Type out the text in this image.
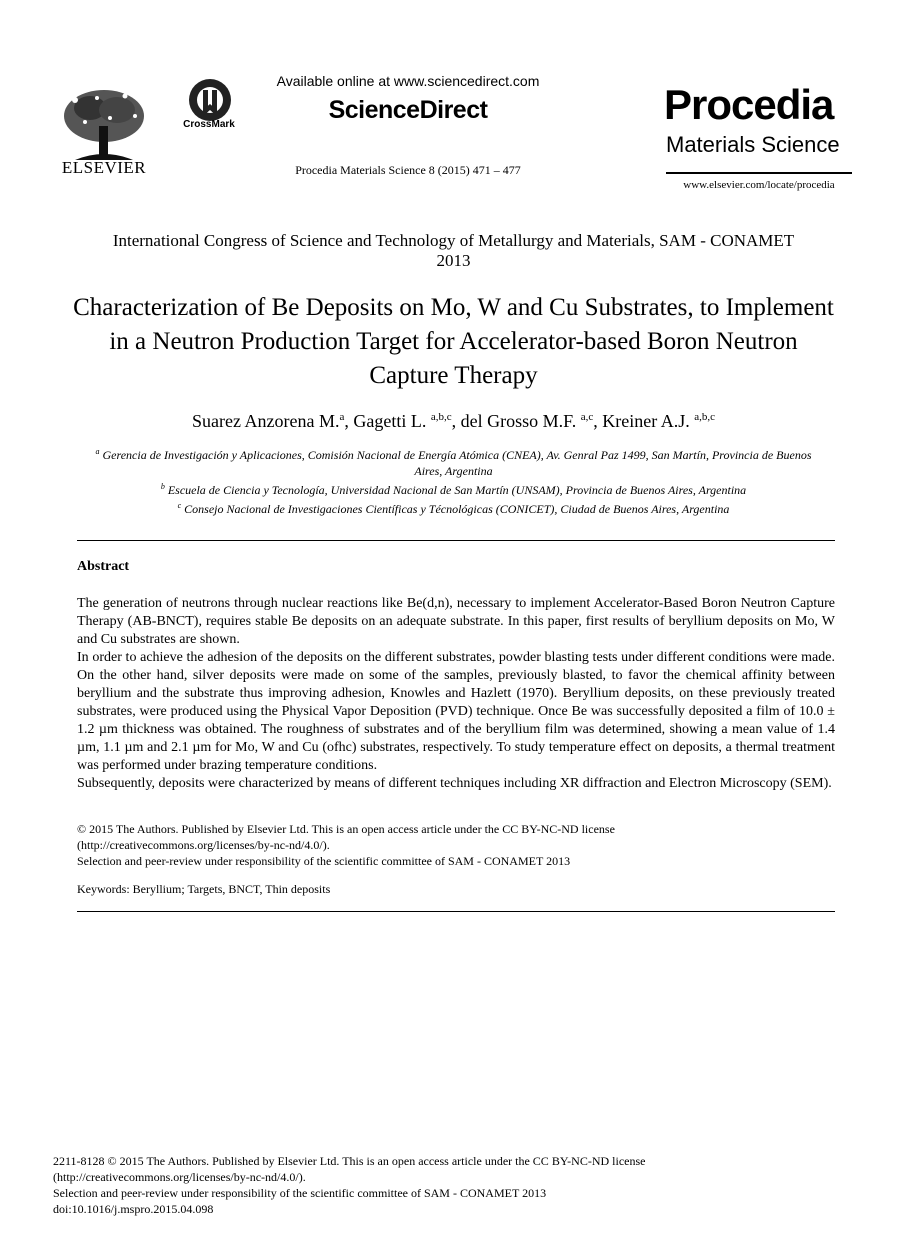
ELSEVIER
CrossMark
Available online at www.sciencedirect.com
ScienceDirect
Procedia Materials Science 8 (2015) 471 – 477
Procedia
Materials Science
www.elsevier.com/locate/procedia
International Congress of Science and Technology of Metallurgy and Materials, SAM - CONAMET 2013
Characterization of Be Deposits on Mo, W and Cu Substrates, to Implement in a Neutron Production Target for Accelerator-based Boron Neutron Capture Therapy
Suarez Anzorena M.$^a$, Gagetti L. $^{a,b,c}$, del Grosso M.F. $^{a,c}$, Kreiner A.J. $^{a,b,c}$
$^a$ Gerencia de Investigación y Aplicaciones, Comisión Nacional de Energía Atómica (CNEA), Av. Genral Paz 1499, San Martín, Provincia de Buenos Aires, Argentina
$^b$ Escuela de Ciencia y Tecnología, Universidad Nacional de San Martín (UNSAM), Provincia de Buenos Aires, Argentina
$^c$ Consejo Nacional de Investigaciones Científicas y Técnológicas (CONICET), Ciudad de Buenos Aires, Argentina
Abstract

The generation of neutrons through nuclear reactions like Be(d,n), necessary to implement Accelerator-Based Boron Neutron Capture Therapy (AB-BNCT), requires stable Be deposits on an adequate substrate. In this paper, first results of beryllium deposits on Mo, W and Cu substrates are shown.

In order to achieve the adhesion of the deposits on the different substrates, powder blasting tests under different conditions were made. On the other hand, silver deposits were made on some of the samples, previously blasted, to favor the chemical affinity between beryllium and the substrate thus improving adhesion, Knowles and Hazlett (1970). Beryllium deposits, on these previously treated substrates, were produced using the Physical Vapor Deposition (PVD) technique. Once Be was successfully deposited a film of 10.0 ± 1.2 µm thickness was obtained. The roughness of substrates and of the beryllium film was determined, showing a mean value of 1.4 µm, 1.1 µm and 2.1 µm for Mo, W and Cu (ofhc) substrates, respectively. To study temperature effect on deposits, a thermal treatment was performed under brazing temperature conditions.

Subsequently, deposits were characterized by means of different techniques including XR diffraction and Electron Microscopy (SEM).

© 2015 The Authors. Published by Elsevier Ltd. This is an open access article under the CC BY-NC-ND license

(http://creativecommons.org/licenses/by-nc-nd/4.0/).

Selection and peer-review under responsibility of the scientific committee of SAM - CONAMET 2013

Keywords: Beryllium; Targets, BNCT, Thin deposits

2211-8128 © 2015 The Authors. Published by Elsevier Ltd. This is an open access article under the CC BY-NC-ND license

(http://creativecommons.org/licenses/by-nc-nd/4.0/).

Selection and peer-review under responsibility of the scientific committee of SAM - CONAMET 2013

doi:10.1016/j.mspro.2015.04.098
